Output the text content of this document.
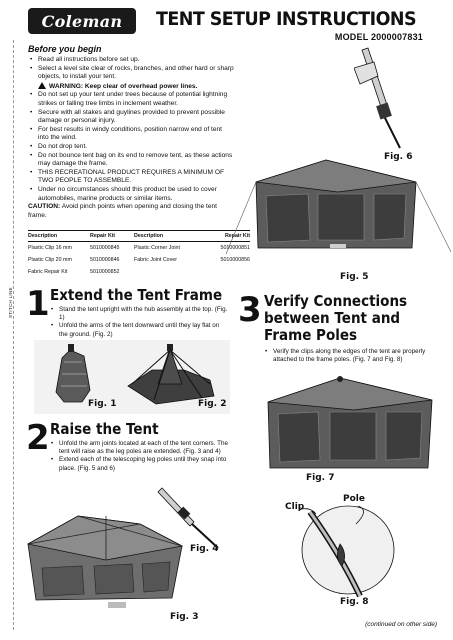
Coleman TENT SETUP INSTRUCTIONS
MODEL 2000007831
Before you begin
• Read all instructions before set up.
• Select a level site clear of rocks, branches, and other hard or sharp objects, to install your tent.
WARNING: Keep clear of overhead power lines.
• Do not set up your tent under trees because of potential lightning strikes or falling tree limbs in inclement weather.
• Secure with all stakes and guylines provided to prevent possible damage or personal injury.
• For best results in windy conditions, position narrow end of tent into the wind.
• Do not drop tent.
• Do not bounce tent bag on its end to remove tent, as these actions may damage the frame.
• THIS RECREATIONAL PRODUCT REQUIRES A MINIMUM OF TWO PEOPLE TO ASSEMBLE.
• Under no circumstances should this product be used to cover automobiles, marine products or similar items.
CAUTION: Avoid pinch points when opening and closing the tent frame.
Description	Repair Kit	Description	Repair Kit
Plastic Clip 16 mm	5010000845	Plastic Corner Joint	5010000851
Plastic Clip 20 mm	5010000846	Fabric Joint Cover	5010000856
Fabric Repair Kit	5010000852
STITCH LINE 1 Extend the Tent Frame
• Stand the tent upright with the hub assembly at the top. (Fig. 1)
• Unfold the arms of the tent downward until they lay flat on the ground. (Fig. 2)
Fig. 1	Fig. 2
2 Raise the Tent
• Unfold the arm joints located at each of the tent corners. The tent will raise as the leg poles are extended. (Fig. 3 and 4)
• Extend each of the telescoping leg poles until they snap into place. (Fig. 5 and 6)
Fig. 4
Fig. 3
Fig. 6
Fig. 5
3 Verify Connections
between Tent and
Frame Poles
• Verify the clips along the edges of the tent are properly attached to the frame poles. (Fig. 7 and Fig. 8)
Fig. 7
Clip
Pole
Fig. 8
(continued on other side)
